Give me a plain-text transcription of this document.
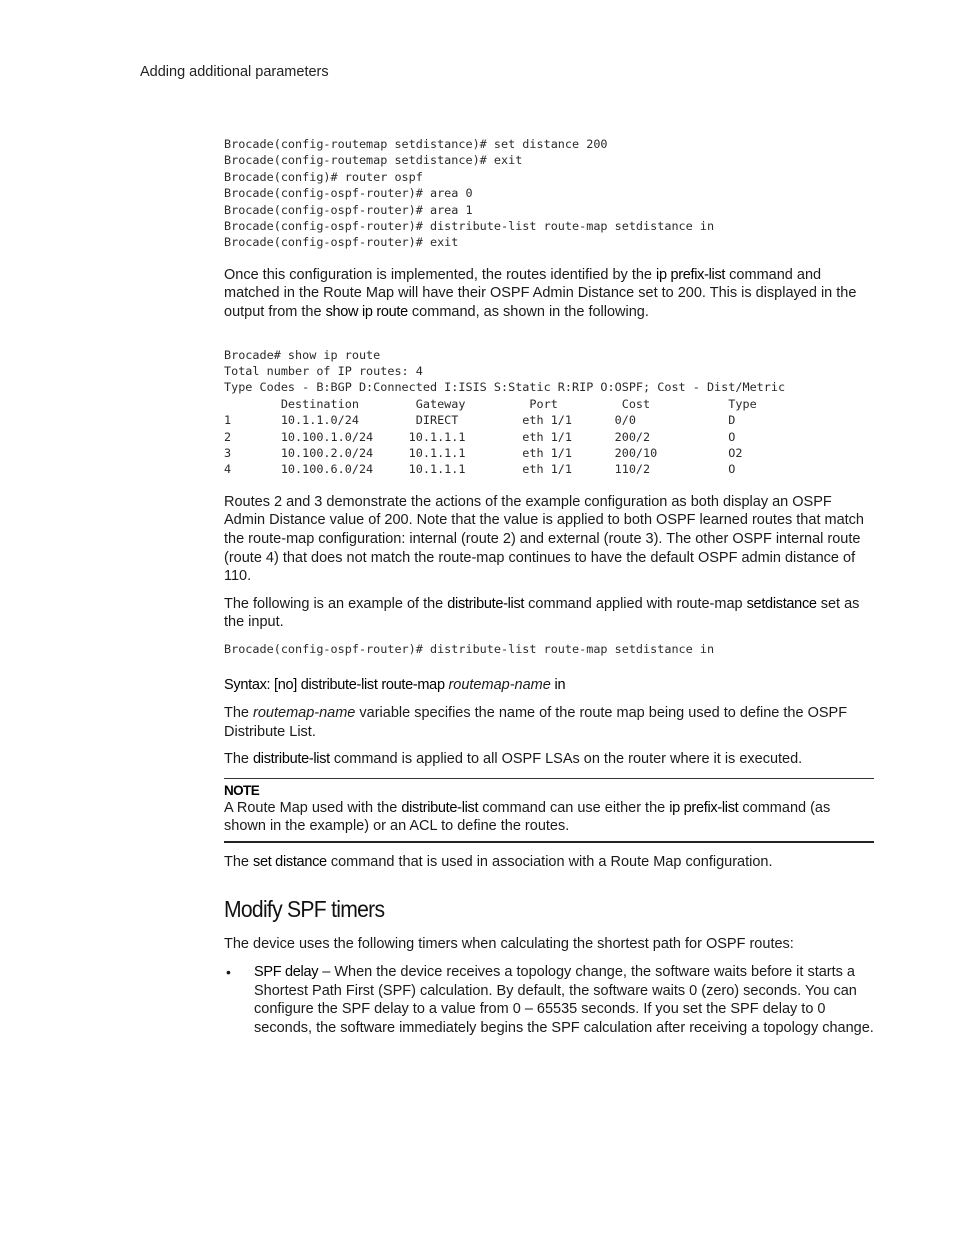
Adding additional parameters
Brocade(config-routemap setdistance)# set distance 200
Brocade(config-routemap setdistance)# exit
Brocade(config)# router ospf
Brocade(config-ospf-router)# area 0
Brocade(config-ospf-router)# area 1
Brocade(config-ospf-router)# distribute-list route-map setdistance in
Brocade(config-ospf-router)# exit

Once this configuration is implemented, the routes identified by the ip prefix-list command and matched in the Route Map will have their OSPF Admin Distance set to 200. This is displayed in the output from the show ip route command, as shown in the following.

Brocade# show ip route
Total number of IP routes: 4
Type Codes - B:BGP D:Connected I:ISIS S:Static R:RIP O:OSPF; Cost - Dist/Metric
Destination        Gateway         Port         Cost           Type
1       10.1.1.0/24        DIRECT         eth 1/1      0/0             D
2       10.100.1.0/24     10.1.1.1        eth 1/1      200/2           O
3       10.100.2.0/24     10.1.1.1        eth 1/1      200/10          O2
4       10.100.6.0/24     10.1.1.1        eth 1/1      110/2           O

Routes 2 and 3 demonstrate the actions of the example configuration as both display an OSPF Admin Distance value of 200. Note that the value is applied to both OSPF learned routes that match the route-map configuration: internal (route 2) and external (route 3). The other OSPF internal route (route 4) that does not match the route-map continues to have the default OSPF admin distance of 110.

The following is an example of the distribute-list command applied with route-map setdistance set as the input.

Brocade(config-ospf-router)# distribute-list route-map setdistance in

Syntax: [no] distribute-list route-map routemap-name in

The routemap-name variable specifies the name of the route map being used to define the OSPF Distribute List.

The distribute-list command is applied to all OSPF LSAs on the router where it is executed.

NOTE

A Route Map used with the distribute-list command can use either the ip prefix-list command (as shown in the example) or an ACL to define the routes.

The set distance command that is used in association with a Route Map configuration.

Modify SPF timers

The device uses the following timers when calculating the shortest path for OSPF routes:

•	SPF delay – When the device receives a topology change, the software waits before it starts a Shortest Path First (SPF) calculation. By default, the software waits 0 (zero) seconds. You can configure the SPF delay to a value from 0 – 65535 seconds. If you set the SPF delay to 0 seconds, the software immediately begins the SPF calculation after receiving a topology change.
